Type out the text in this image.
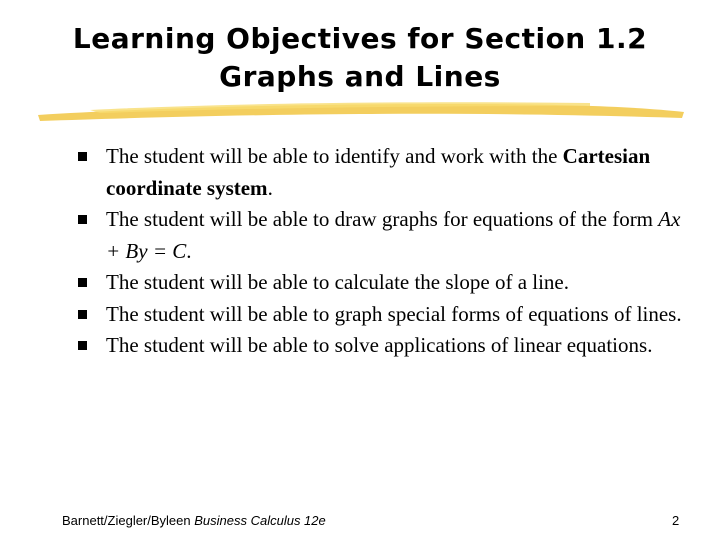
Learning Objectives for Section 1.2
Graphs and Lines
The student will be able to identify and work with the Cartesian coordinate system.
The student will be able to draw graphs for equations of the form Ax + By = C.
The student will be able to calculate the slope of a line.
The student will be able to graph special forms of equations of lines.
The student will be able to solve applications of linear equations.
Barnett/Ziegler/Byleen Business Calculus 12e	2
